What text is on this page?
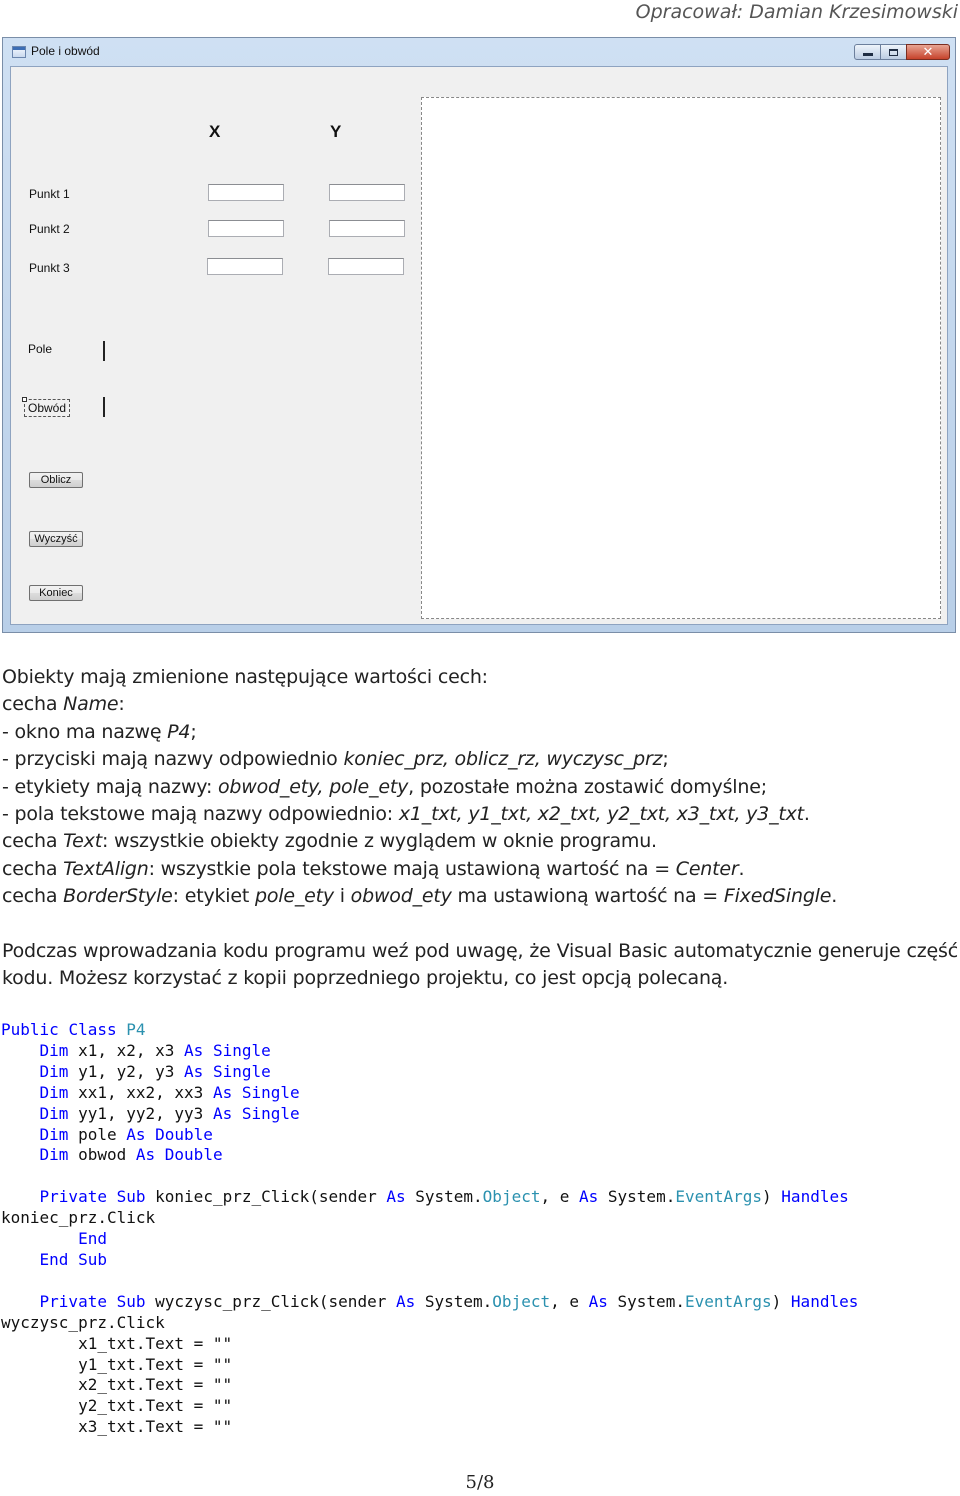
Opracował: Damian Krzesimowski
Pole i obwód	✕
X	Y
Punkt 1
Punkt 2
Punkt 3
Pole
Obwód
Oblicz
Wyczyść
Koniec

Obiekty mają zmienione następujące wartości cech:

cecha Name:

- okno ma nazwę P4;

- przyciski mają nazwy odpowiednio koniec_prz, oblicz_rz, wyczysc_prz;

- etykiety mają nazwy: obwod_ety, pole_ety, pozostałe można zostawić domyślne;

- pola tekstowe mają nazwy odpowiednio: x1_txt, y1_txt, x2_txt, y2_txt, x3_txt, y3_txt.

cecha Text: wszystkie obiekty zgodnie z wyglądem w oknie programu.

cecha TextAlign: wszystkie pola tekstowe mają ustawioną wartość na = Center.

cecha BorderStyle: etykiet pole_ety i obwod_ety ma ustawioną wartość na = FixedSingle.

Podczas wprowadzania kodu programu weź pod uwagę, że Visual Basic automatycznie generuje część kodu. Możesz korzystać z kopii poprzedniego projektu, co jest opcją polecaną.

Public Class P4
Dim x1, x2, x3 As Single
Dim y1, y2, y3 As Single
Dim xx1, xx2, xx3 As Single
Dim yy1, yy2, yy3 As Single
Dim pole As Double
Dim obwod As Double

Private Sub koniec_prz_Click(sender As System.Object, e As System.EventArgs) Handles
koniec_prz.Click
End
End Sub

Private Sub wyczysc_prz_Click(sender As System.Object, e As System.EventArgs) Handles
wyczysc_prz.Click
x1_txt.Text = ""
y1_txt.Text = ""
x2_txt.Text = ""
y2_txt.Text = ""
x3_txt.Text = ""
5/8
